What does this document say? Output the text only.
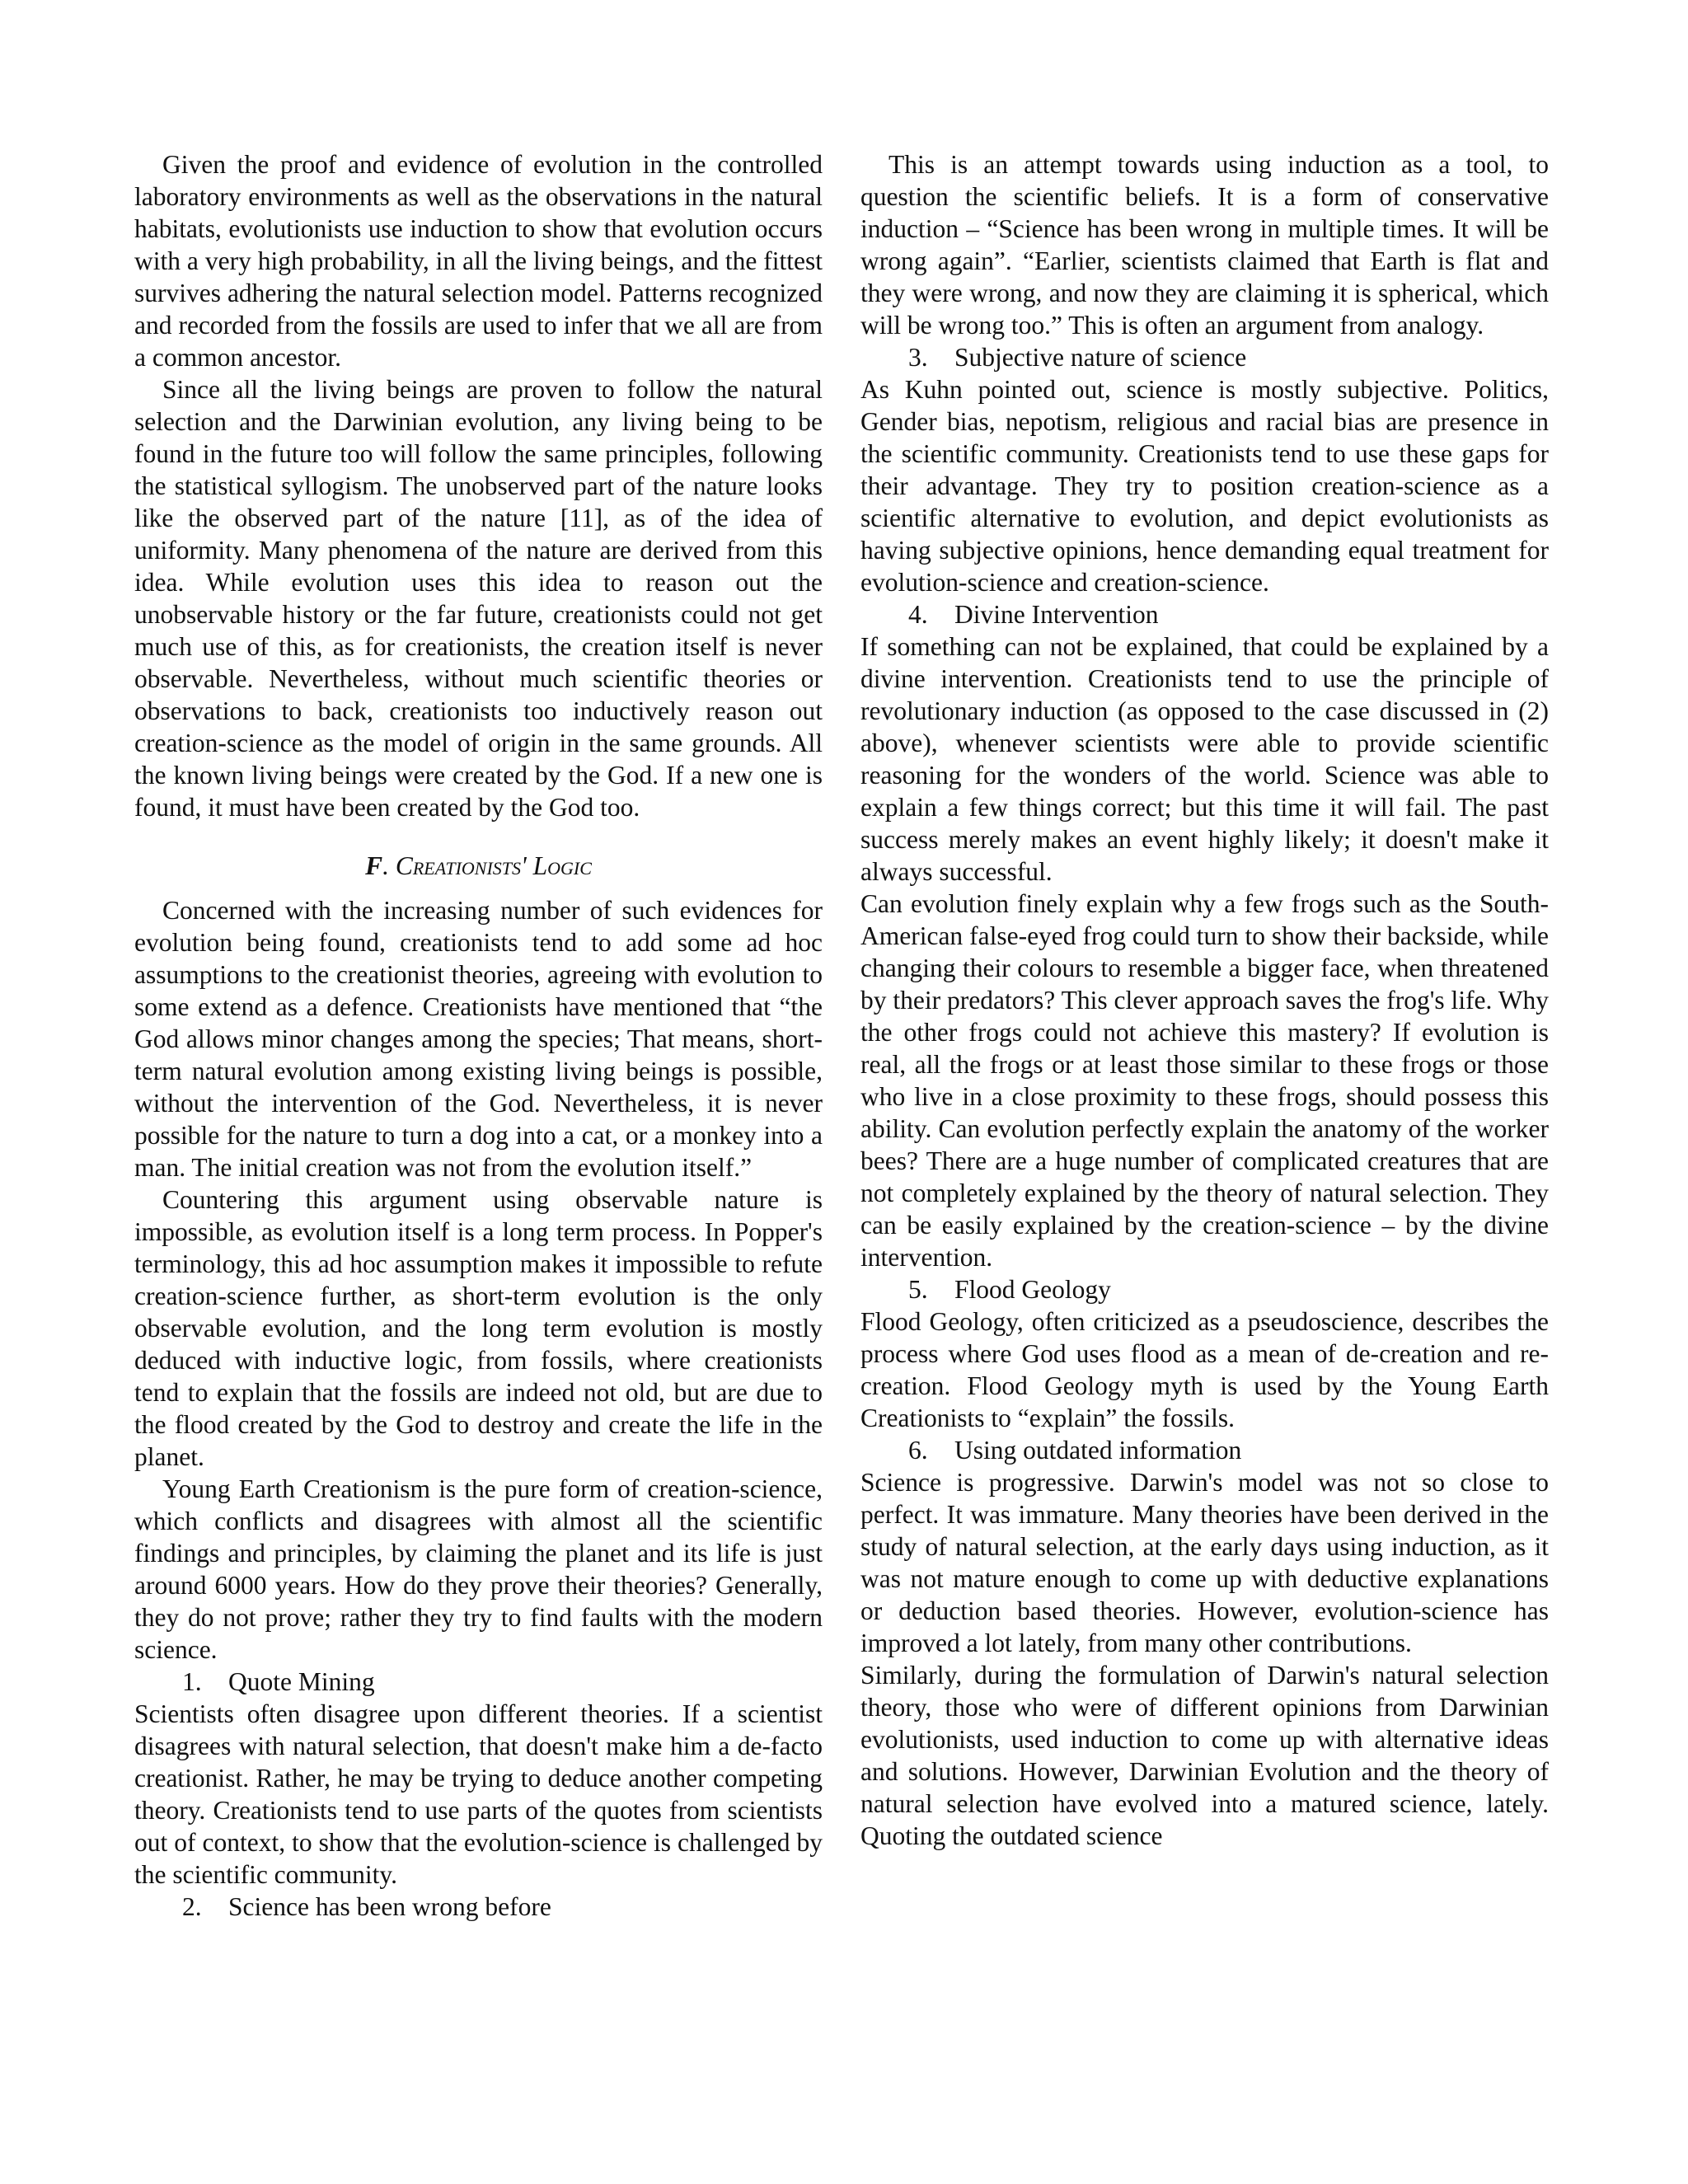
Given the proof and evidence of evolution in the controlled laboratory environments as well as the observations in the natural habitats, evolutionists use induction to show that evolution occurs with a very high probability, in all the living beings, and the fittest survives adhering the natural selection model. Patterns recognized and recorded from the fossils are used to infer that we all are from a common ancestor.

Since all the living beings are proven to follow the natural selection and the Darwinian evolution, any living being to be found in the future too will follow the same principles, following the statistical syllogism. The unobserved part of the nature looks like the observed part of the nature [11], as of the idea of uniformity. Many phenomena of the nature are derived from this idea. While evolution uses this idea to reason out the unobservable history or the far future, creationists could not get much use of this, as for creationists, the creation itself is never observable. Nevertheless, without much scientific theories or observations to back, creationists too inductively reason out creation-science as the model of origin in the same grounds. All the known living beings were created by the God. If a new one is found, it must have been created by the God too.

F. Creationists' Logic

Concerned with the increasing number of such evidences for evolution being found, creationists tend to add some ad hoc assumptions to the creationist theories, agreeing with evolution to some extend as a defence. Creationists have mentioned that “the God allows minor changes among the species; That means, short-term natural evolution among existing living beings is possible, without the intervention of the God. Nevertheless, it is never possible for the nature to turn a dog into a cat, or a monkey into a man. The initial creation was not from the evolution itself.”

Countering this argument using observable nature is impossible, as evolution itself is a long term process. In Popper's terminology, this ad hoc assumption makes it impossible to refute creation-science further, as short-term evolution is the only observable evolution, and the long term evolution is mostly deduced with inductive logic, from fossils, where creationists tend to explain that the fossils are indeed not old, but are due to the flood created by the God to destroy and create the life in the planet.

Young Earth Creationism is the pure form of creation-science, which conflicts and disagrees with almost all the scientific findings and principles, by claiming the planet and its life is just around 6000 years. How do they prove their theories? Generally, they do not prove; rather they try to find faults with the modern science.

1. Quote Mining

Scientists often disagree upon different theories. If a scientist disagrees with natural selection, that doesn't make him a de-facto creationist. Rather, he may be trying to deduce another competing theory. Creationists tend to use parts of the quotes from scientists out of context, to show that the evolution-science is challenged by the scientific community.

2. Science has been wrong before

This is an attempt towards using induction as a tool, to question the scientific beliefs. It is a form of conservative induction – “Science has been wrong in multiple times. It will be wrong again”. “Earlier, scientists claimed that Earth is flat and they were wrong, and now they are claiming it is spherical, which will be wrong too.” This is often an argument from analogy.

3. Subjective nature of science

As Kuhn pointed out, science is mostly subjective. Politics, Gender bias, nepotism, religious and racial bias are presence in the scientific community. Creationists tend to use these gaps for their advantage. They try to position creation-science as a scientific alternative to evolution, and depict evolutionists as having subjective opinions, hence demanding equal treatment for evolution-science and creation-science.

4. Divine Intervention

If something can not be explained, that could be explained by a divine intervention. Creationists tend to use the principle of revolutionary induction (as opposed to the case discussed in (2) above), whenever scientists were able to provide scientific reasoning for the wonders of the world. Science was able to explain a few things correct; but this time it will fail. The past success merely makes an event highly likely; it doesn't make it always successful.

Can evolution finely explain why a few frogs such as the South-American false-eyed frog could turn to show their backside, while changing their colours to resemble a bigger face, when threatened by their predators? This clever approach saves the frog's life. Why the other frogs could not achieve this mastery? If evolution is real, all the frogs or at least those similar to these frogs or those who live in a close proximity to these frogs, should possess this ability. Can evolution perfectly explain the anatomy of the worker bees? There are a huge number of complicated creatures that are not completely explained by the theory of natural selection. They can be easily explained by the creation-science – by the divine intervention.

5. Flood Geology

Flood Geology, often criticized as a pseudoscience, describes the process where God uses flood as a mean of de-creation and re-creation. Flood Geology myth is used by the Young Earth Creationists to “explain” the fossils.

6. Using outdated information

Science is progressive. Darwin's model was not so close to perfect. It was immature. Many theories have been derived in the study of natural selection, at the early days using induction, as it was not mature enough to come up with deductive explanations or deduction based theories. However, evolution-science has improved a lot lately, from many other contributions.

Similarly, during the formulation of Darwin's natural selection theory, those who were of different opinions from Darwinian evolutionists, used induction to come up with alternative ideas and solutions. However, Darwinian Evolution and the theory of natural selection have evolved into a matured science, lately. Quoting the outdated science
